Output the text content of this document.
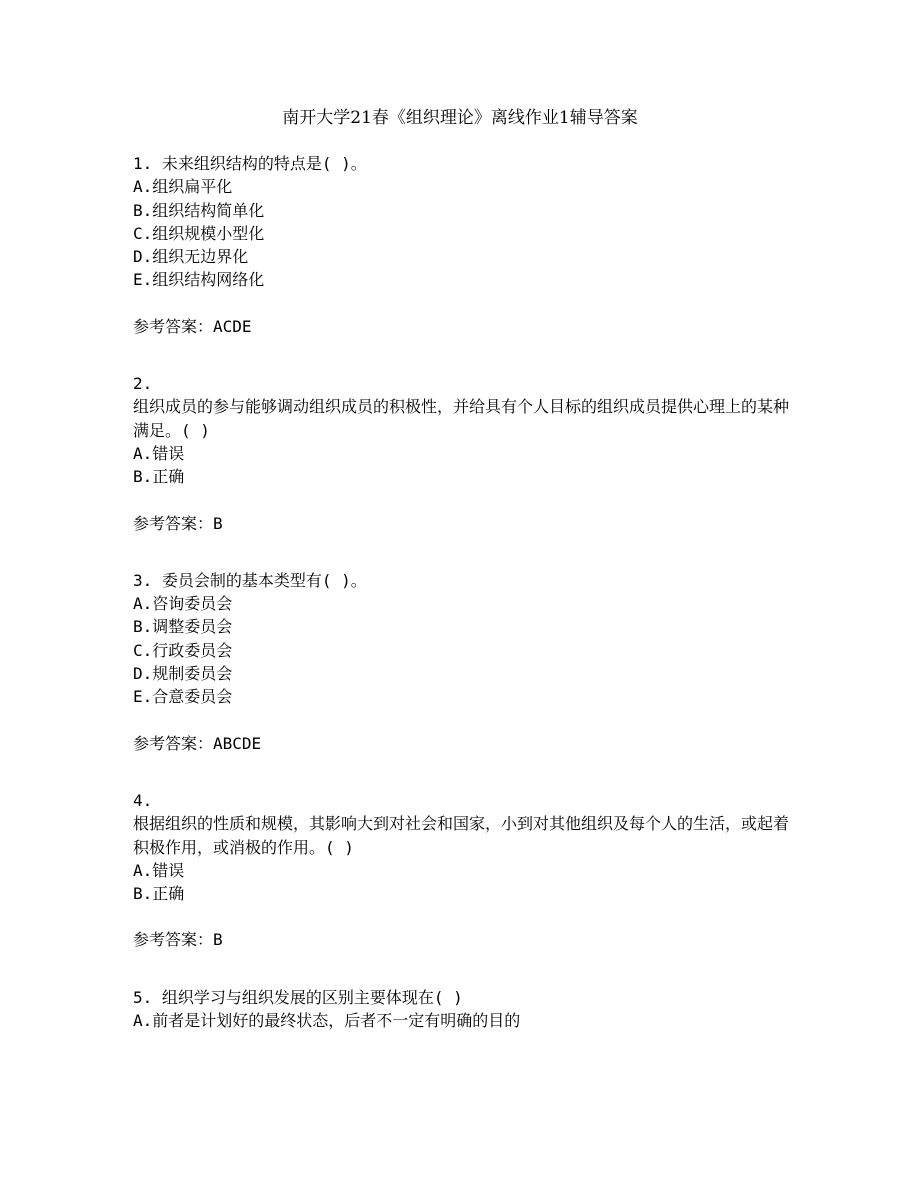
南开大学21春《组织理论》离线作业1辅导答案
1. 未来组织结构的特点是( )。
A.组织扁平化
B.组织结构简单化
C.组织规模小型化
D.组织无边界化
E.组织结构网络化
参考答案：ACDE
2.
组织成员的参与能够调动组织成员的积极性，并给具有个人目标的组织成员提供心理上的某种满足。( )
A.错误
B.正确
参考答案：B
3. 委员会制的基本类型有( )。
A.咨询委员会
B.调整委员会
C.行政委员会
D.规制委员会
E.合意委员会
参考答案：ABCDE
4.
根据组织的性质和规模，其影响大到对社会和国家，小到对其他组织及每个人的生活，或起着积极作用，或消极的作用。( )
A.错误
B.正确
参考答案：B
5. 组织学习与组织发展的区别主要体现在( )
A.前者是计划好的最终状态，后者不一定有明确的目的
